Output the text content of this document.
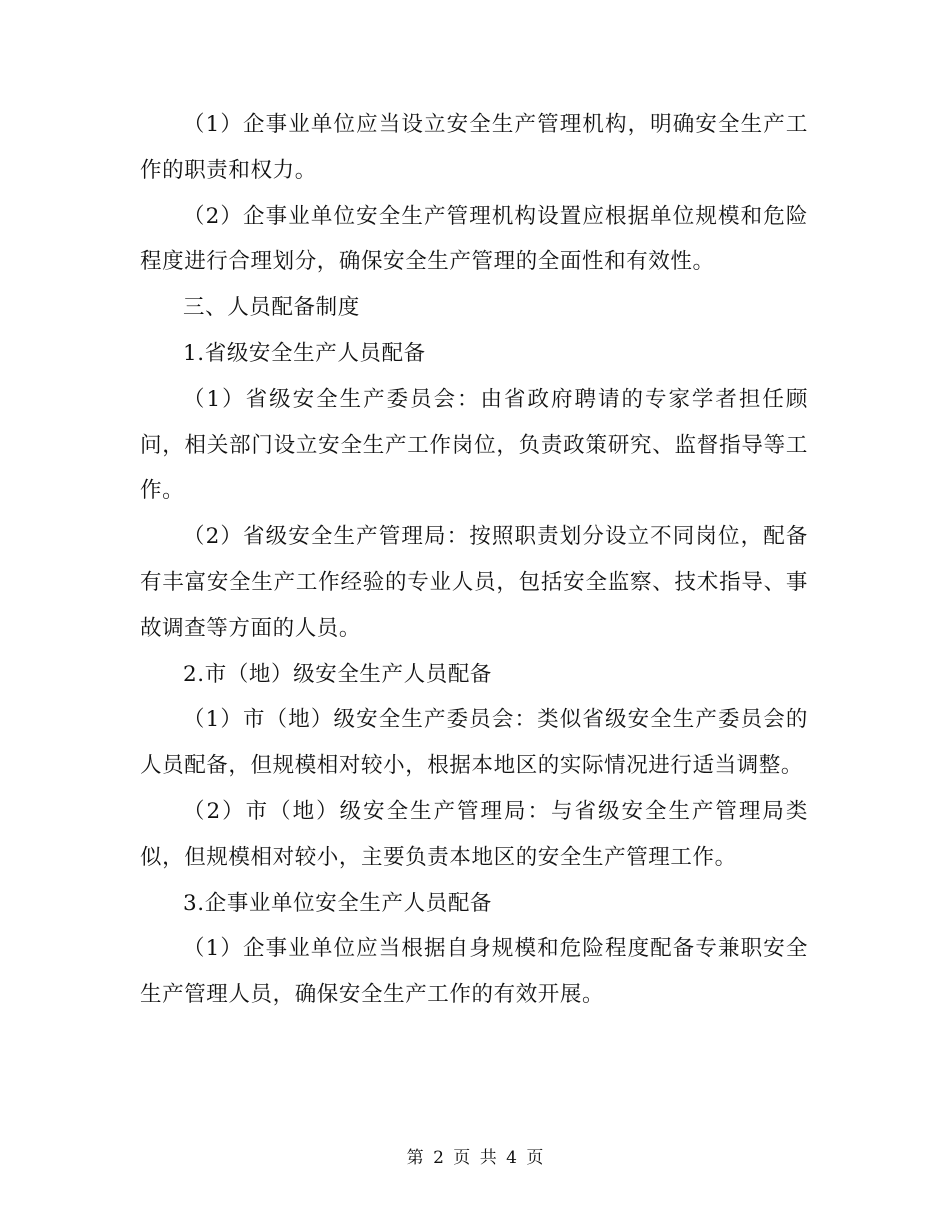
（1）企事业单位应当设立安全生产管理机构，明确安全生产工作的职责和权力。

（2）企事业单位安全生产管理机构设置应根据单位规模和危险程度进行合理划分，确保安全生产管理的全面性和有效性。

三、人员配备制度

1.省级安全生产人员配备

（1）省级安全生产委员会：由省政府聘请的专家学者担任顾问，相关部门设立安全生产工作岗位，负责政策研究、监督指导等工作。

（2）省级安全生产管理局：按照职责划分设立不同岗位，配备有丰富安全生产工作经验的专业人员，包括安全监察、技术指导、事故调查等方面的人员。

2.市（地）级安全生产人员配备

（1）市（地）级安全生产委员会：类似省级安全生产委员会的人员配备，但规模相对较小，根据本地区的实际情况进行适当调整。

（2）市（地）级安全生产管理局：与省级安全生产管理局类似，但规模相对较小，主要负责本地区的安全生产管理工作。

3.企事业单位安全生产人员配备

（1）企事业单位应当根据自身规模和危险程度配备专兼职安全生产管理人员，确保安全生产工作的有效开展。

第 2 页 共 4 页
